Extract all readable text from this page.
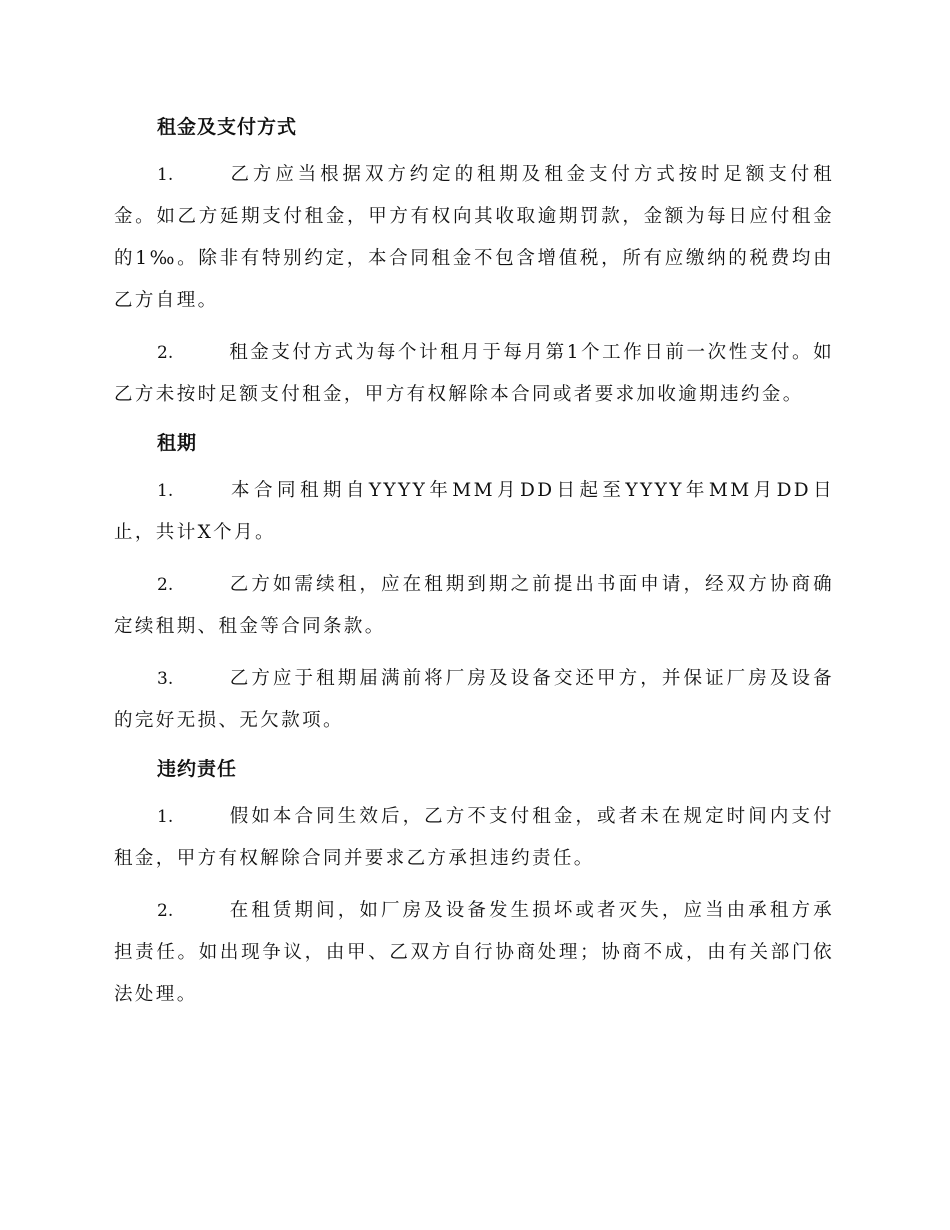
租金及支付方式

1.	乙方应当根据双方约定的租期及租金支付方式按时足额支付租金。如乙方延期支付租金，甲方有权向其收取逾期罚款，金额为每日应付租金的1‰。除非有特别约定，本合同租金不包含增值税，所有应缴纳的税费均由乙方自理。

2.	租金支付方式为每个计租月于每月第1个工作日前一次性支付。如乙方未按时足额支付租金，甲方有权解除本合同或者要求加收逾期违约金。

租期

1.	本合同租期自YYYY年MM月DD日起至YYYY年MM月DD日止，共计X个月。

2.	乙方如需续租，应在租期到期之前提出书面申请，经双方协商确定续租期、租金等合同条款。

3.	乙方应于租期届满前将厂房及设备交还甲方，并保证厂房及设备的完好无损、无欠款项。

违约责任

1.	假如本合同生效后，乙方不支付租金，或者未在规定时间内支付租金，甲方有权解除合同并要求乙方承担违约责任。

2.	在租赁期间，如厂房及设备发生损坏或者灭失，应当由承租方承担责任。如出现争议，由甲、乙双方自行协商处理；协商不成，由有关部门依法处理。
